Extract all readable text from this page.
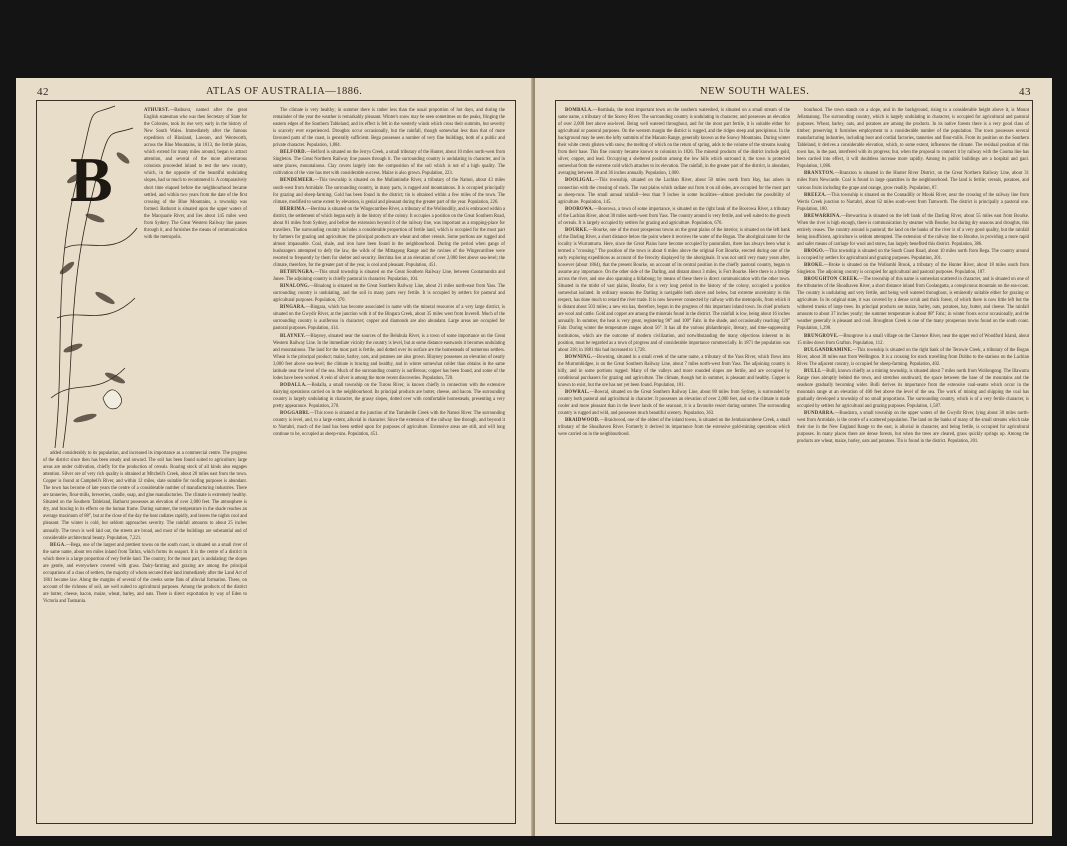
42	ATLAS OF AUSTRALIA—1886.
B

ATHURST.—Bathurst, named after the great English statesman who was then Secretary of State for the Colonies, took its rise very early in the history of New South Wales. Immediately after the famous expedition of Blaxland, Lawson, and Wentworth, across the Blue Mountains, in 1813, the fertile plains, which extend for many miles around, began to attract attention, and several of the more adventurous colonists proceeded inland to test the new country, which, in the opposite of the beautiful undulating slopes, had so much to recommend it. A comparatively short time elapsed before the neighbourhood became settled, and within two years from the date of the first crossing of the Blue Mountains, a township was formed. Bathurst is situated upon the upper waters of the Macquarie River, and lies about 145 miles west from Sydney. The Great Western Railway line passes through it, and furnishes the means of communication with the metropolis.

added considerably to its population, and increased its importance as a commercial centre. The progress of the district since then has been steady and onward. The soil has been found suited to agriculture; large areas are under cultivation, chiefly for the production of cereals. Roaring stock of all kinds also engages attention. Silver ore of very rich quality is obtained at Mitchell's Creek, about 20 miles east from the town. Copper is found at Campbell's River, and within 12 miles, slate suitable for roofing purposes is abundant. The town has become of late years the centre of a considerable number of manufacturing industries. There are tanneries, flour-mills, breweries, candle, soap, and glue manufactories. The climate is extremely healthy. Situated on the Southern Tableland, Bathurst possesses an elevation of over 2,000 feet. The atmosphere is dry, and bracing in its effects on the human frame. During summer, the temperature in the shade reaches an average maximum of 88°, but at the close of the day the heat radiates rapidly, and leaves the nights cool and pleasant. The winter is cold, but seldom approaches severity. The rainfall amounts to about 25 inches annually. The town is well laid out, the streets are broad, and most of the buildings are substantial and of considerable architectural beauty. Population, 7,221.

BEGA.—Bega, one of the largest and prettiest towns on the south coast, is situated on a small river of the same name, about ten miles inland from Tathra, which forms its seaport. It is the centre of a district in which there is a large proportion of very fertile land. The country, for the most part, is undulating; the slopes are gentle, and everywhere covered with grass. Dairy-farming and grazing are among the principal occupations of a class of settlers, the majority of whom secured their land immediately after the Land Act of 1861 became law. Along the margins of several of the creeks some flats of alluvial formation. These, on account of the richness of soil, are well suited to agricultural purposes. Among the products of the district are butter, cheese, bacon, maize, wheat, barley, and oats. There is direct exportation by way of Eden to Victoria and Tasmania.

The climate is very healthy; in summer there is rather less than the usual proportion of hot days, and during the remainder of the year the weather is remarkably pleasant. Winter's snow may be seen sometimes on the peaks, fringing the eastern edges of the Southern Tableland, and its effect is felt in the westerly winds which cross their summits, but severity is scarcely ever experienced. Droughts occur occasionally, but the rainfall, though somewhat less than that of more favoured parts of the coast, is generally sufficient. Bega possesses a number of very fine buildings, both of a public and private character. Population, 1,884.

BELFORD.—Belford is situated on the Jerrys Creek, a small tributary of the Hunter, about 10 miles north-west from Singleton. The Great Northern Railway line passes through it. The surrounding country is undulating in character, and in some places, mountainous. Clay covers largely into the composition of the soil which is not of a high quality. The cultivation of the vine has met with considerable success. Maize is also grown. Population, 223.

BENDEMEER.—This township is situated on the Mullamindie River, a tributary of the Namoi, about 43 miles south-west from Armidale. The surrounding country, in many parts, is rugged and mountainous. It is occupied principally for grazing and sheep-farming. Gold has been found in the district; tin is obtained within a few miles of the town. The climate, modified to some extent by elevation, is genial and pleasant during the greater part of the year. Population, 226.

BERRIMA.—Berrima is situated on the Wingecarribee River, a tributary of the Wollondilly, and is embraced within a district, the settlement of which began early in the history of the colony. It occupies a position on the Great Southern Road, about 81 miles from Sydney, and before the extension beyond it of the railway line, was important as a stopping-place for travellers. The surrounding country includes a considerable proportion of fertile land, which is occupied for the most part by farmers for grazing and agriculture; the principal products are wheat and other cereals. Some portions are rugged and almost impassable. Coal, shale, and iron have been found in the neighbourhood. During the period when gangs of bushrangers attempted to defy the law, the wilds of the Mittagong Range and the ravines of the Wingecarribee were resorted to frequently by them for shelter and security. Berrima lies at an elevation of over 2,000 feet above sea-level; the climate, therefore, for the greater part of the year, is cool and pleasant. Population, 451.

BETHUNGRA.—This small township is situated on the Great Southern Railway Line, between Cootamundra and Junee. The adjoining country is chiefly pastoral in character. Population, 104.

BINALONG.—Binalong is situated on the Great Southern Railway Line, about 21 miles north-east from Yass. The surrounding country is undulating, and the soil in many parts very fertile. It is occupied by settlers for pastoral and agricultural purposes. Population, 370.

BINGARA.—Bingara, which has become associated in name with the mineral resources of a very large district, is situated on the Gwydir River, at the junction with it of the Bingara Creek, about 35 miles west from Inverell. Much of the surrounding country is auriferous in character; copper and diamonds are also abundant. Large areas are occupied for pastoral purposes. Population, 414.

BLAYNEY.—Blayney, situated near the sources of the Belubula River, is a town of some importance on the Great Western Railway Line. In the immediate vicinity the country is level, but at some distance eastwards it becomes undulating and mountainous. The land for the most part is fertile, and dotted over its surface are the homesteads of numerous settlers. Wheat is the principal product; maize, barley, oats, and potatoes are also grown. Blayney possesses an elevation of nearly 3,000 feet above sea-level; the climate is bracing and healthy, and in winter somewhat colder than obtains in the same latitude near the level of the sea. Much of the surrounding country is auriferous; copper has been found, and some of the lodes have been worked. A vein of silver is among the more recent discoveries. Population, 720.

BODALLA.—Bodalla, a small township on the Tuross River, is known chiefly in connection with the extensive dairying operations carried on in the neighbourhood. Its principal products are butter, cheese, and bacon. The surrounding country is largely undulating in character, the grassy slopes, dotted over with comfortable homesteads, presenting a very pretty appearance. Population, 270.

BOGGABRI.—This town is situated at the junction of the Tarrabeille Creek with the Namoi River. The surrounding country is level, and, to a large extent, alluvial in character. Since the extension of the railway line through, and beyond it to Narrabri, much of the land has been settled upon for purposes of agriculture. Extensive areas are still, and will long continue to be, occupied as sheep-runs. Population, 451.

NEW SOUTH WALES.	43

BOMBALA.—Bombala, the most important town on the southern watershed, is situated on a small stream of the same name, a tributary of the Snowy River. The surrounding country is undulating in character, and possesses an elevation of over 2,000 feet above sea-level. Being well watered throughout, and for the most part fertile, it is suitable either for agricultural or pastoral purposes. On the western margin the district is rugged, and the ridges steep and precipitous. In the background may be seen the lofty summits of the Manaro Range, generally known as the Snowy Mountains. During winter their white crests glisten with snow, the melting of which on the return of spring, adds to the volume of the streams issuing from their base. This fine country became known to colonists in 1826. The mineral products of the district include gold, silver, copper, and lead. Occupying a sheltered position among the low hills which surround it, the town is protected somewhat from the extreme cold which attaches to its elevation. The rainfall, in the greater part of the district, is abundant, averaging between 30 and 36 inches annually. Population, 1,000.

BOOLIGAL.—This township, situated on the Lachlan River, about 50 miles north from Hay, has arisen in connection with the crossing of stock. The vast plains which radiate out from it on all sides, are occupied for the most part as sheep-runs. The small annual rainfall—less than 9 inches in some localities—almost precludes the possibility of agriculture. Population, 145.

BOOROWA.—Boorowa, a town of some importance, is situated on the right bank of the Boorowa River, a tributary of the Lachlan River, about 30 miles north-west from Yass. The country around is very fertile, and well suited to the growth of cereals. It is largely occupied by settlers for grazing and agriculture. Population, 676.

BOURKE.—Bourke, one of the most prosperous towns on the great plains of the interior, is situated on the left bank of the Darling River, a short distance below the point where it receives the water of the Bogan. The aboriginal name for the locality is Wurramurra. Here, since the Great Plains have become occupied by pastoralists, there has always been what is termed a "crossing." The position of the town is about 6 miles above the original Fort Bourke, erected during one of the early exploring expeditions as account of the ferocity displayed by the aboriginals. It was not until very many years after, however (about 1864), that the present Bourke, on account of its central position in the chiefly pastoral country, began to assume any importance. On the other side of the Darling, and distant about 3 miles, is Fort Bourke. Here there is a bridge across the river, and one also spanning a billabong; by means of these there is direct communication with the other town. Situated in the midst of vast plains, Bourke, for a very long period in the history of the colony, occupied a position somewhat isolated. In ordinary seasons the Darling is navigable both above and below, but extreme uncertainty in this respect, has done much to retard the river trade. It is now however connected by railway with the metropolis, from which it is distant about 503 miles; a new era has, therefore, begun in the progress of this important inland town. Its chief products are wool and cattle. Gold and copper are among the minerals found in the district. The rainfall is low, being about 16 inches annually. In summer, the heat is very great, registering 96° and 100° Fahr. in the shade, and occasionally reaching 120° Fahr. During winter the temperature ranges about 56°. It has all the various philanthropic, literary, and time-suppressing institutions, which are the outcome of modern civilization, and notwithstanding the many objections inherent to its position, must be regarded as a town of progress and of considerable importance commercially. In 1871 the population was about 318; in 1881 this had increased to 1,728.

BOWNING.—Bowning, situated in a small creek of the same name, a tributary of the Yass River, which flows into the Murrumbidgee, is on the Great Southern Railway Line, about 7 miles north-west from Yass. The adjoining country is hilly, and in some portions rugged. Many of the valleys and more rounded slopes are fertile, and are occupied by conditional purchasers for grazing and agriculture. The climate, though hot in summer, is pleasant and healthy. Copper is known to exist, but the ore has not yet been found. Population, 181.

BOWRAL.—Bowral, situated on the Great Southern Railway Line, about 80 miles from Sydney, is surrounded by country both pastoral and agricultural in character. It possesses an elevation of over 2,000 feet, and so the climate is made cooler and more pleasant than in the lower lands of the seacoast, it is a favourite resort during summer. The surrounding country is rugged and wild, and possesses much beautiful scenery. Population, 363.

BRAIDWOOD.—Braidwood, one of the oldest of the inland towns, is situated on the Jembaicumbene Creek, a small tributary of the Shoalhaven River. Formerly it derived its importance from the extensive gold-mining operations which were carried on in the neighbourhood.

bourhood. The town stands on a slope, and in the background, rising to a considerable height above it, is Mount Jellamatong. The surrounding country, which is largely undulating in character, is occupied for agricultural and pastoral purposes. Wheat, barley, oats, and potatoes are among the products. In its native forests there is a very good class of timber; preserving it furnishes employment to a considerable number of the population. The town possesses several manufacturing industries, including boot and cordial factories, tanneries and flour-mills. From its position on the Southern Tableland, it derives a considerable elevation, which, to some extent, influences the climate. The residual position of this town has, in the past, interfered with its progress; but, when the proposal to connect it by railway with the Cooma line has been carried into effect, it will doubtless increase more rapidly. Among its public buildings are a hospital and gaol. Population, 1,086.

BRANXTON.—Branxton is situated in the Hunter River District, on the Great Northern Railway Line, about 31 miles from Newcastle. Coal is found in large quantities in the neighbourhood. The land is fertile; cereals, potatoes, and various fruits including the grape and orange, grow readily. Population, 87.

BREEZA.—This township is situated on the Connadilly or Mooki River, near the crossing of the railway line from Werris Creek junction to Narrabri, about 62 miles south-west from Tamworth. The district is principally a pastoral one. Population, 180.

BREWARRINA.—Brewarrina is situated on the left bank of the Darling River, about 55 miles east from Bourke. When the river is high enough, there is communication by steamer with Bourke, but during dry seasons and droughts, this entirely ceases. The country around is pastoral; the land on the banks of the river is of a very good quality, but the rainfall being insufficient, agriculture is seldom attempted. The extension of the railway line to Bourke, in providing a more rapid and safer means of carriage for wool and stores, has largely benefited this district. Population, 386.

BROGO.—This township is situated on the South Coast Road, about 10 miles north from Bega. The country around is occupied by settlers for agricultural and grazing purposes. Population, 201.

BROKE.—Broke is situated on the Wollombi Brook, a tributary of the Hunter River, about 18 miles south from Singleton. The adjoining country is occupied for agricultural and pastoral purposes. Population, 187.

BROUGHTON CREEK.—The township of this name is somewhat scattered in character, and is situated on one of the tributaries of the Shoalhaven River, a short distance inland from Coolangatta, a conspicuous mountain on the sea-coast. The country is undulating and very fertile, and being well watered throughout, is eminently suitable either for grazing or agriculture. In its original state, it was covered by a dense scrub and thick forest, of which there is now little left but the withered trunks of large trees. Its principal products are maize, barley, oats, potatoes, hay, butter, and cheese. The rainfall amounts to about 37 inches yearly; the summer temperature is about 88° Fahr.; in winter frosts occur occasionally, and the weather generally is pleasant and cool. Broughton Creek is one of the many prosperous towns found on the south coast. Population, 1,298.

BRUNGROVE.—Brungrove is a small village on the Clarence River, near the upper end of Woodford Island, about 15 miles down from Grafton. Population, 112.

BULGANDRAMINE.—This township is situated on the right bank of the Terowie Creek, a tributary of the Bogan River, about 30 miles east from Wellington. It is a crossing for stock travelling from Dubbo to the stations on the Lachlan River. The adjacent country, is occupied for sheep-farming. Population, 402.

BULLI.—Bulli, known chiefly as a mining township, is situated about 7 miles north from Wollongong. The Illawarra Range rises abruptly behind the town, and stretches southward, the space between the base of the mountains and the seashore gradually becoming wider. Bulli derives its importance from the extensive coal-seams which occur in the mountain range at an elevation of 400 feet above the level of the sea. The work of mining and shipping the coal has gradually developed a township of no small proportions. The surrounding country, which is of a very fertile character, is occupied by settlers for agricultural and grazing purposes. Population, 1,587.

BUNDARRA.—Bundarra, a small township on the upper waters of the Gwydir River, lying about 30 miles north-west from Armidale, is the centre of a scattered population. The land on the banks of many of the small streams which take their rise in the New England Range to the east, is alluvial in character, and being fertile, is occupied for agricultural purposes. In many places there are dense forests, but when the trees are cleared, grass quickly springs up. Among the products are wheat, maize, barley, oats and potatoes. Tin is found in the district. Population, 201.
